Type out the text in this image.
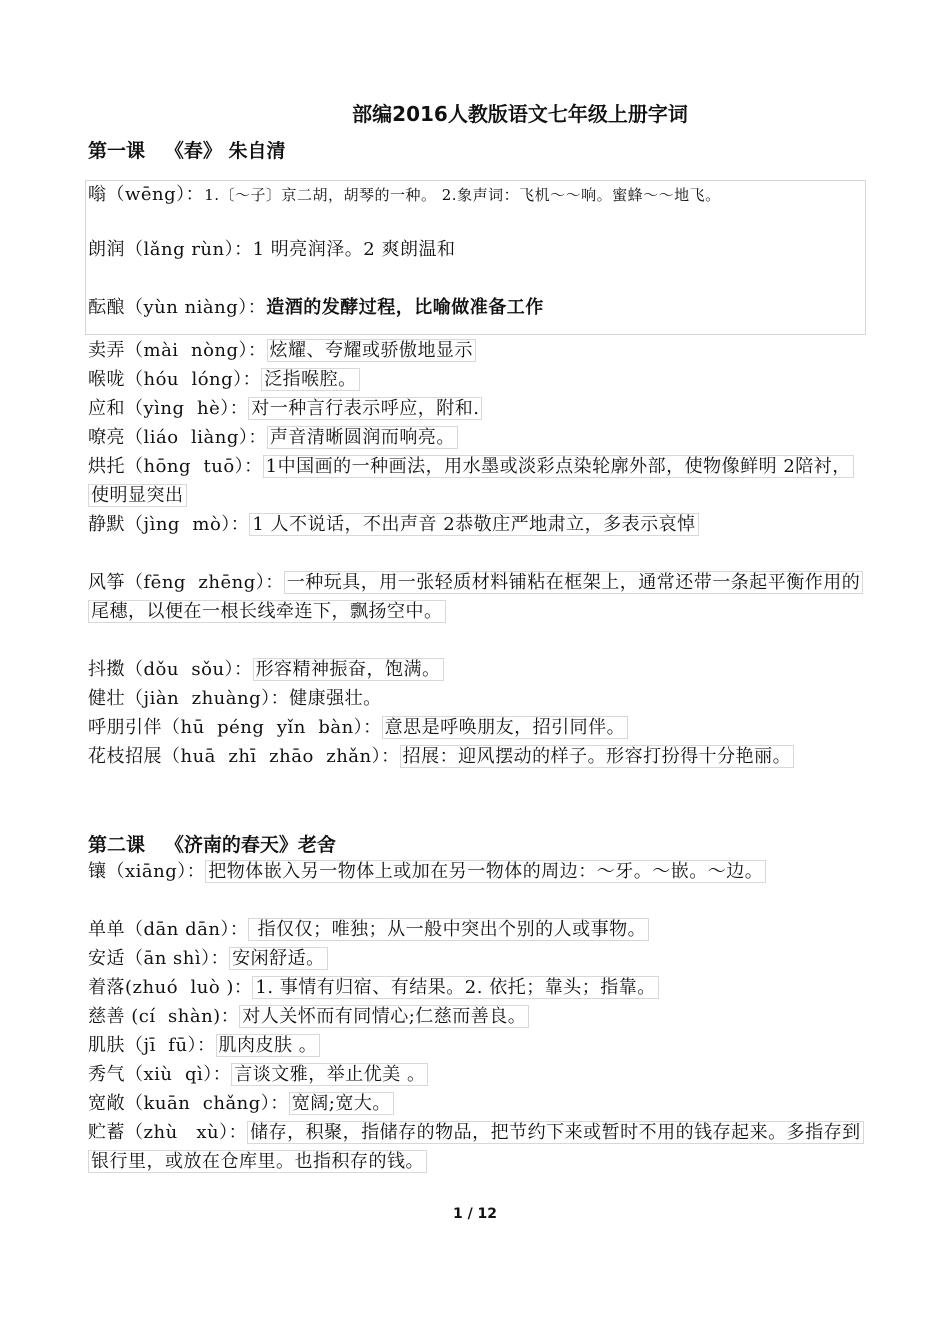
部编2016人教版语文七年级上册字词
第一课   《春》 朱自清
嗡（wēng）：1.〔～子〕京二胡，胡琴的一种。 2.象声词：飞机～～响。蜜蜂～～地飞。
朗润（lǎng rùn）：1 明亮润泽。2 爽朗温和
酝酿（yùn niàng）：造酒的发酵过程，比喻做准备工作
卖弄（mài  nòng）： 炫耀、夸耀或骄傲地显示
喉咙（hóu  lóng）： 泛指喉腔。
应和（yìng  hè）： 对一种言行表示呼应，附和.
嘹亮（liáo  liàng）： 声音清晰圆润而响亮。
烘托（hōng  tuō）： 1中国画的一种画法，用水墨或淡彩点染轮廓外部，使物像鲜明 2陪衬，使明显突出
静默（jìng  mò）： 1 人不说话，不出声音 2恭敬庄严地肃立，多表示哀悼
风筝（fēng  zhēng）： 一种玩具，用一张轻质材料铺粘在框架上，通常还带一条起平衡作用的尾穗，以便在一根长线牵连下，飘扬空中。
抖擞（dǒu  sǒu）： 形容精神振奋，饱满。
健壮（jiàn  zhuàng）：健康强壮。
呼朋引伴（hū  péng  yǐn  bàn）： 意思是呼唤朋友，招引同伴。
花枝招展（huā  zhī  zhāo  zhǎn）： 招展：迎风摆动的样子。形容打扮得十分艳丽。
第二课   《济南的春天》老舍
镶（xiāng）： 把物体嵌入另一物体上或加在另一物体的周边：～牙。～嵌。～边。
单单（dān dān）： 指仅仅；唯独；从一般中突出个别的人或事物。
安适（ān shì）： 安闲舒适。
着落(zhuó  luò )： 1. 事情有归宿、有结果。2. 依托；靠头；指靠。
慈善 (cí  shàn)： 对人关怀而有同情心;仁慈而善良。
肌肤（jī  fū）： 肌肉皮肤 。
秀气（xiù  qì）： 言谈文雅，举止优美 。
宽敞（kuān  chǎng）： 宽阔;宽大。
贮蓄（zhù   xù）： 储存，积聚，指储存的物品，把节约下来或暂时不用的钱存起来。多指存到银行里，或放在仓库里。也指积存的钱。
1 / 12
